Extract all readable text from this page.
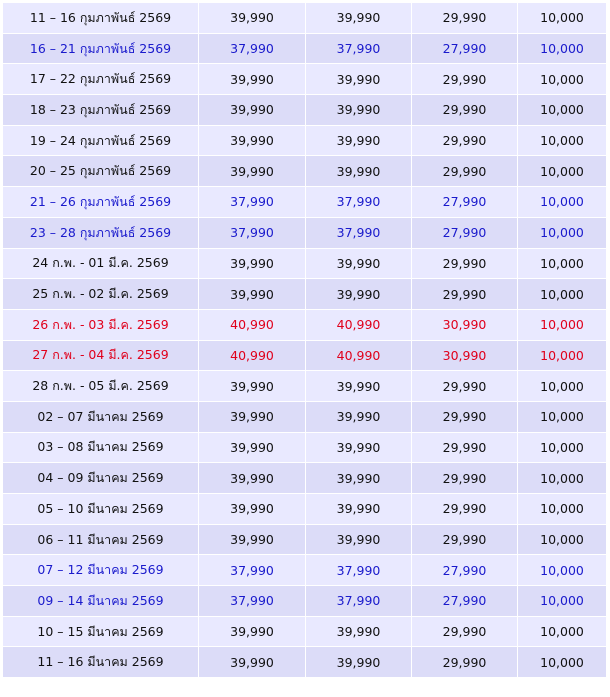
11 – 16 กุมภาพันธ์ 2569	39,990	39,990	29,990	10,000
16 – 21 กุมภาพันธ์ 2569	37,990	37,990	27,990	10,000
17 – 22 กุมภาพันธ์ 2569	39,990	39,990	29,990	10,000
18 – 23 กุมภาพันธ์ 2569	39,990	39,990	29,990	10,000
19 – 24 กุมภาพันธ์ 2569	39,990	39,990	29,990	10,000
20 – 25 กุมภาพันธ์ 2569	39,990	39,990	29,990	10,000
21 – 26 กุมภาพันธ์ 2569	37,990	37,990	27,990	10,000
23 – 28 กุมภาพันธ์ 2569	37,990	37,990	27,990	10,000
24 ก.พ. - 01 มี.ค. 2569	39,990	39,990	29,990	10,000
25 ก.พ. - 02 มี.ค. 2569	39,990	39,990	29,990	10,000
26 ก.พ. - 03 มี.ค. 2569	40,990	40,990	30,990	10,000
27 ก.พ. - 04 มี.ค. 2569	40,990	40,990	30,990	10,000
28 ก.พ. - 05 มี.ค. 2569	39,990	39,990	29,990	10,000
02 – 07 มีนาคม 2569	39,990	39,990	29,990	10,000
03 – 08 มีนาคม 2569	39,990	39,990	29,990	10,000
04 – 09 มีนาคม 2569	39,990	39,990	29,990	10,000
05 – 10 มีนาคม 2569	39,990	39,990	29,990	10,000
06 – 11 มีนาคม 2569	39,990	39,990	29,990	10,000
07 – 12 มีนาคม 2569	37,990	37,990	27,990	10,000
09 – 14 มีนาคม 2569	37,990	37,990	27,990	10,000
10 – 15 มีนาคม 2569	39,990	39,990	29,990	10,000
11 – 16 มีนาคม 2569	39,990	39,990	29,990	10,000
